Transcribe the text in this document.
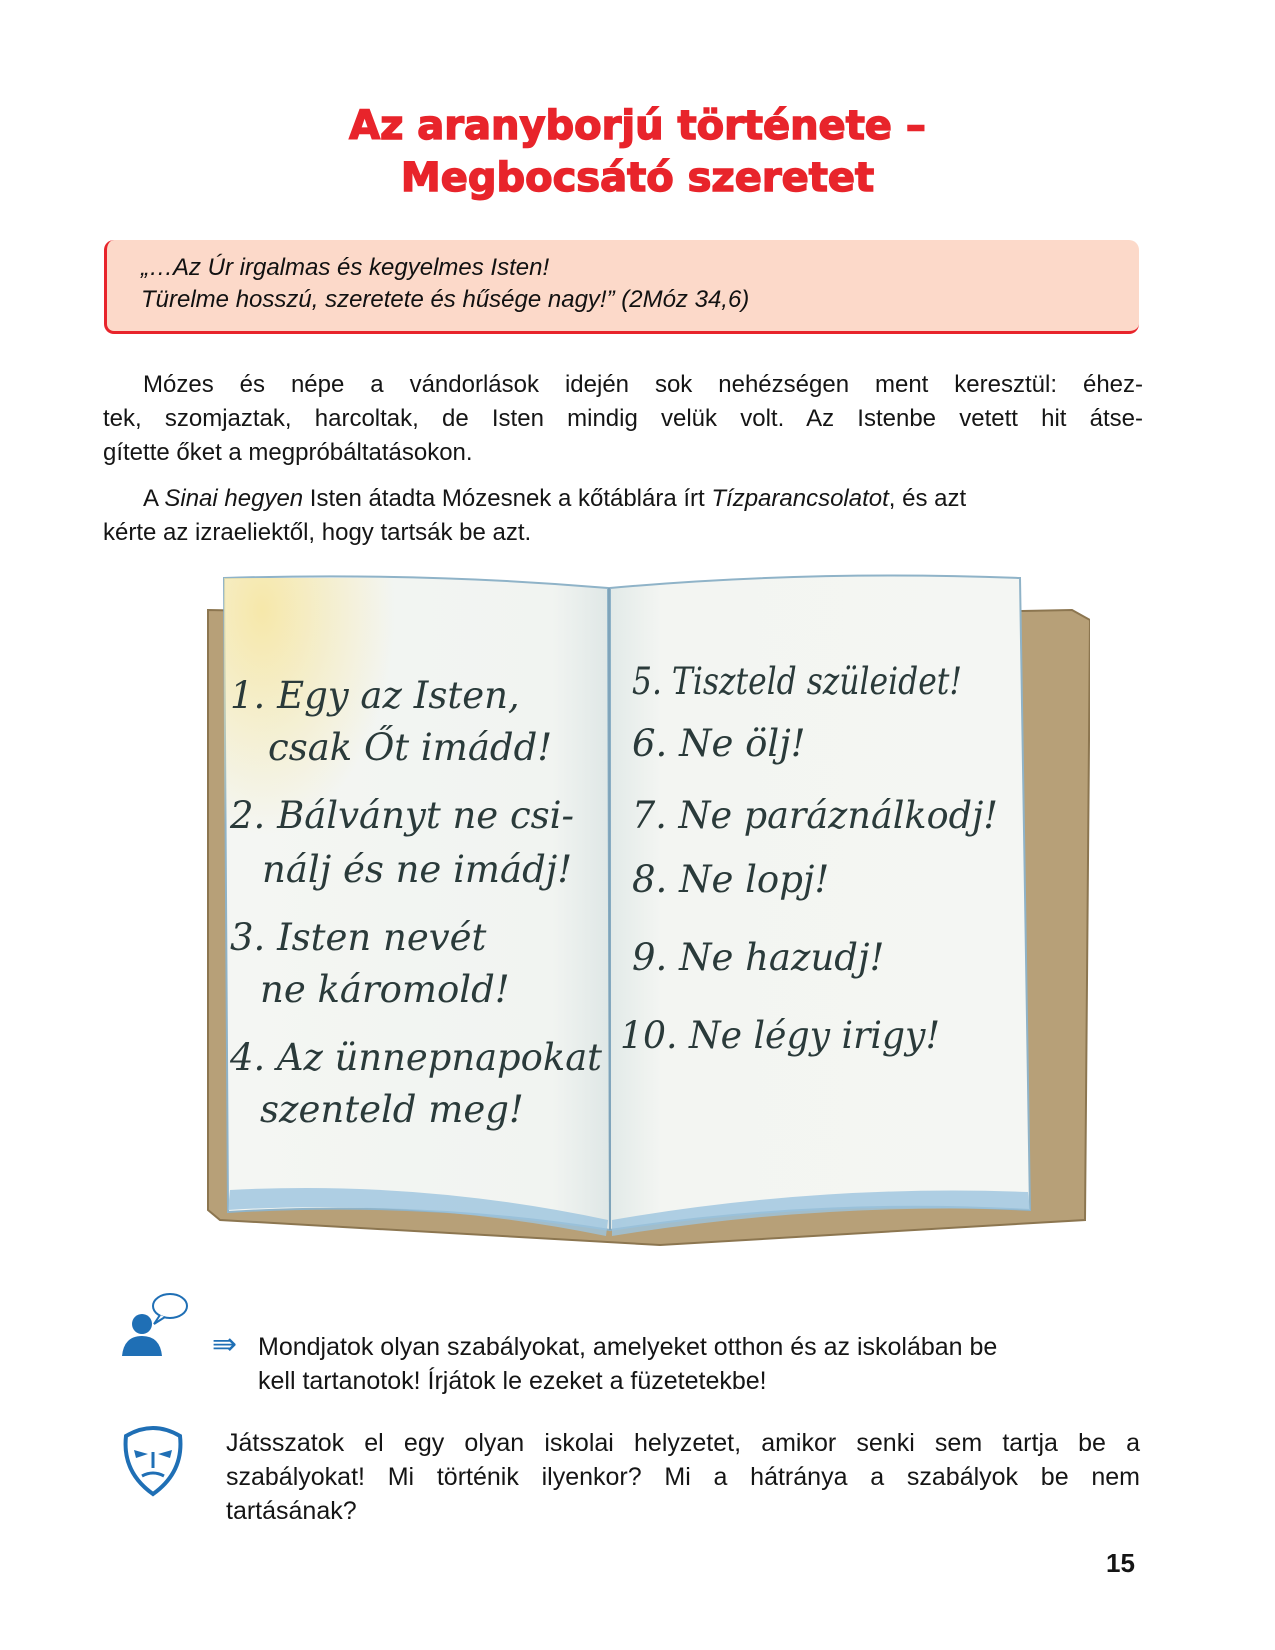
Az aranyborjú története –
Megbocsátó szeretet
„…Az Úr irgalmas és kegyelmes Isten!
Türelme hosszú, szeretete és hűsége nagy!” (2Móz 34,6)
Mózes és népe a vándorlások idején sok nehézségen ment keresztül: éhez-
tek, szomjaztak, harcoltak, de Isten mindig velük volt. Az Istenbe vetett hit átse-
gítette őket a megpróbáltatásokon.
A Sinai hegyen Isten átadta Mózesnek a kőtáblára írt Tízparancsolatot, és azt
kérte az izraeliektől, hogy tartsák be azt.
1. Egy az Isten,
csak Őt imádd!
2. Bálványt ne csi-
nálj és ne imádj!
3. Isten nevét
ne káromold!
4. Az ünnepnapokat
szenteld meg!
5. Tiszteld szüleidet!
6. Ne ölj!
7. Ne paráználkodj!
8. Ne lopj!
9. Ne hazudj!
10. Ne légy irigy!
⇛ Mondjatok olyan szabályokat, amelyeket otthon és az iskolában be
kell tartanotok! Írjátok le ezeket a füzetetekbe!
Játsszatok el egy olyan iskolai helyzetet, amikor senki sem tartja be a
szabályokat! Mi történik ilyenkor? Mi a hátránya a szabályok be nem
tartásának?
15
